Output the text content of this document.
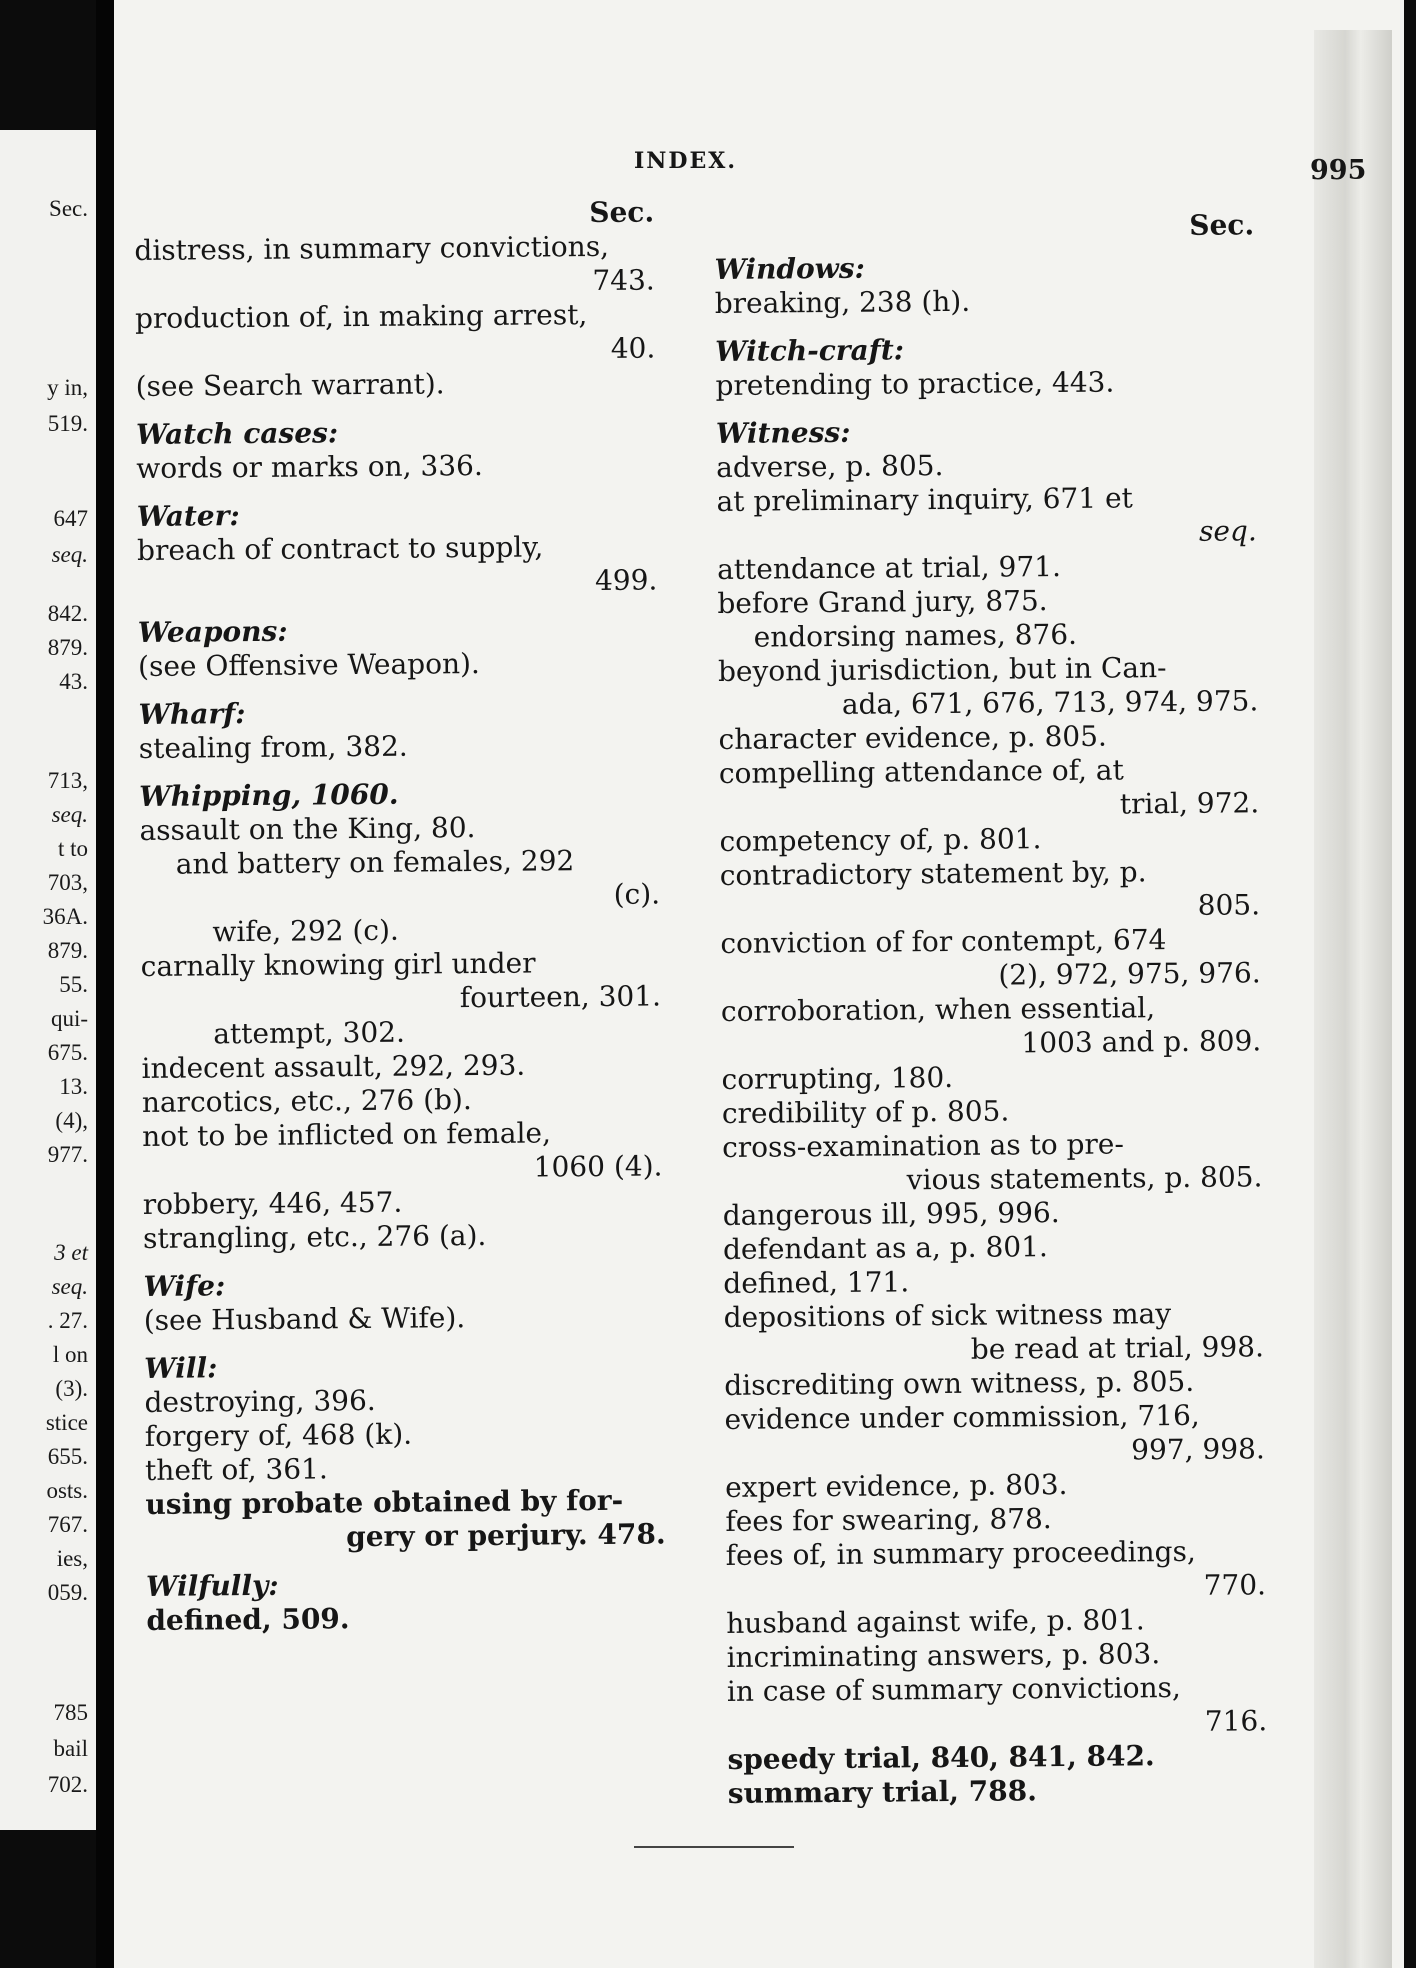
Sec.
y in,
519.
647
seq.
842.
879.
43.
713,
seq.
t to
703,
36A.
879.
55.
qui-
675.
13.
(4),
977.
3 et
seq.
. 27.
l on
(3).
stice
655.
osts.
767.
ies,
059.
785
bail
702.
INDEX.	995
Sec.
distress, in summary convictions,
743.
production of, in making arrest,
40.
(see Search warrant).
Watch cases:
words or marks on, 336.
Water:
breach of contract to supply,
499.
Weapons:
(see Offensive Weapon).
Wharf:
stealing from, 382.
Whipping, 1060.
assault on the King, 80.
and battery on females, 292
(c).
wife, 292 (c).
carnally knowing girl under
fourteen, 301.
attempt, 302.
indecent assault, 292, 293.
narcotics, etc., 276 (b).
not to be inflicted on female,
1060 (4).
robbery, 446, 457.
strangling, etc., 276 (a).
Wife:
(see Husband & Wife).
Will:
destroying, 396.
forgery of, 468 (k).
theft of, 361.
using probate obtained by for-
gery or perjury. 478.
Wilfully:
defined, 509.
Sec.
Windows:
breaking, 238 (h).
Witch-craft:
pretending to practice, 443.
Witness:
adverse, p. 805.
at preliminary inquiry, 671 et
seq.
attendance at trial, 971.
before Grand jury, 875.
endorsing names, 876.
beyond jurisdiction, but in Can-
ada, 671, 676, 713, 974, 975.
character evidence, p. 805.
compelling attendance of, at
trial, 972.
competency of, p. 801.
contradictory statement by, p.
805.
conviction of for contempt, 674
(2), 972, 975, 976.
corroboration, when essential,
1003 and p. 809.
corrupting, 180.
credibility of p. 805.
cross-examination as to pre-
vious statements, p. 805.
dangerous ill, 995, 996.
defendant as a, p. 801.
defined, 171.
depositions of sick witness may
be read at trial, 998.
discrediting own witness, p. 805.
evidence under commission, 716,
997, 998.
expert evidence, p. 803.
fees for swearing, 878.
fees of, in summary proceedings,
770.
husband against wife, p. 801.
incriminating answers, p. 803.
in case of summary convictions,
716.
speedy trial, 840, 841, 842.
summary trial, 788.
